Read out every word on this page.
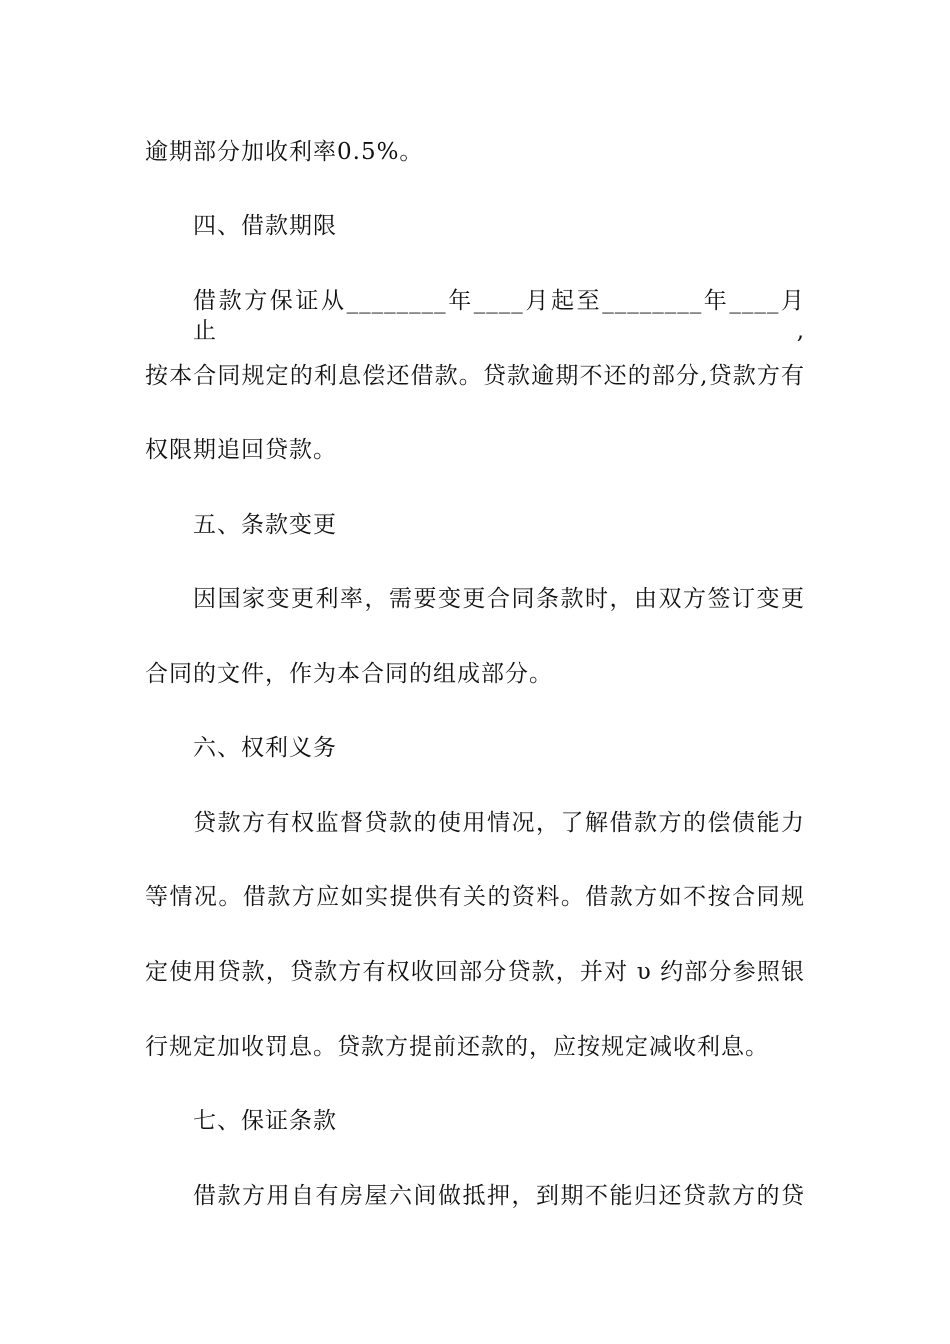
逾期部分加收利率0.5%。
四、借款期限
借款方保证从________年____月起至________年____月止,
按本合同规定的利息偿还借款。贷款逾期不还的部分,贷款方有
权限期追回贷款。
五、条款变更
因国家变更利率，需要变更合同条款时，由双方签订变更
合同的文件，作为本合同的组成部分。
六、权利义务
贷款方有权监督贷款的使用情况，了解借款方的偿债能力
等情况。借款方应如实提供有关的资料。借款方如不按合同规
定使用贷款，贷款方有权收回部分贷款，并对 υ 约部分参照银
行规定加收罚息。贷款方提前还款的，应按规定减收利息。
七、保证条款
借款方用自有房屋六间做抵押，到期不能归还贷款方的贷
